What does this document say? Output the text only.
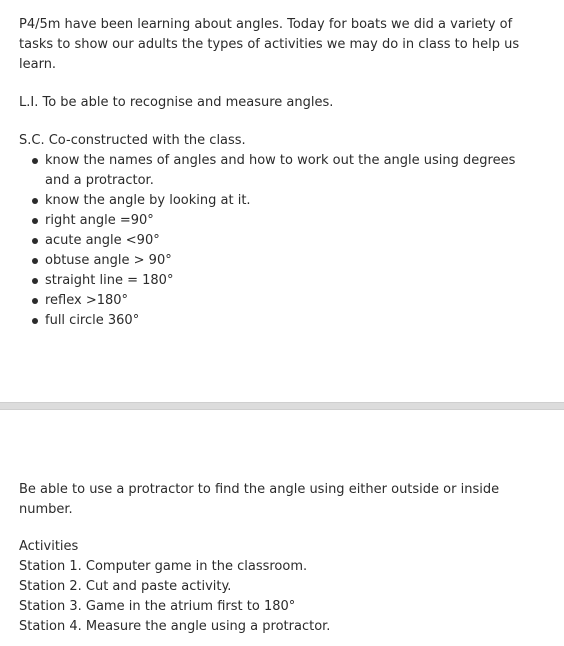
P4/5m have been learning about angles. Today for boats we did a variety of tasks to show our adults the types of activities we may do in class to help us learn.

L.I. To be able to recognise and measure angles.

S.C. Co-constructed with the class.

know the names of angles and how to work out the angle using degrees and a protractor.
know the angle by looking at it.
right angle =90°
acute angle <90°
obtuse angle > 90°
straight line = 180°
reflex >180°
full circle 360°

Be able to use a protractor to find the angle using either outside or inside number.

Activities

Station 1. Computer game in the classroom.
Station 2. Cut and paste activity.
Station 3. Game in the atrium first to 180°
Station 4. Measure the angle using a protractor.
